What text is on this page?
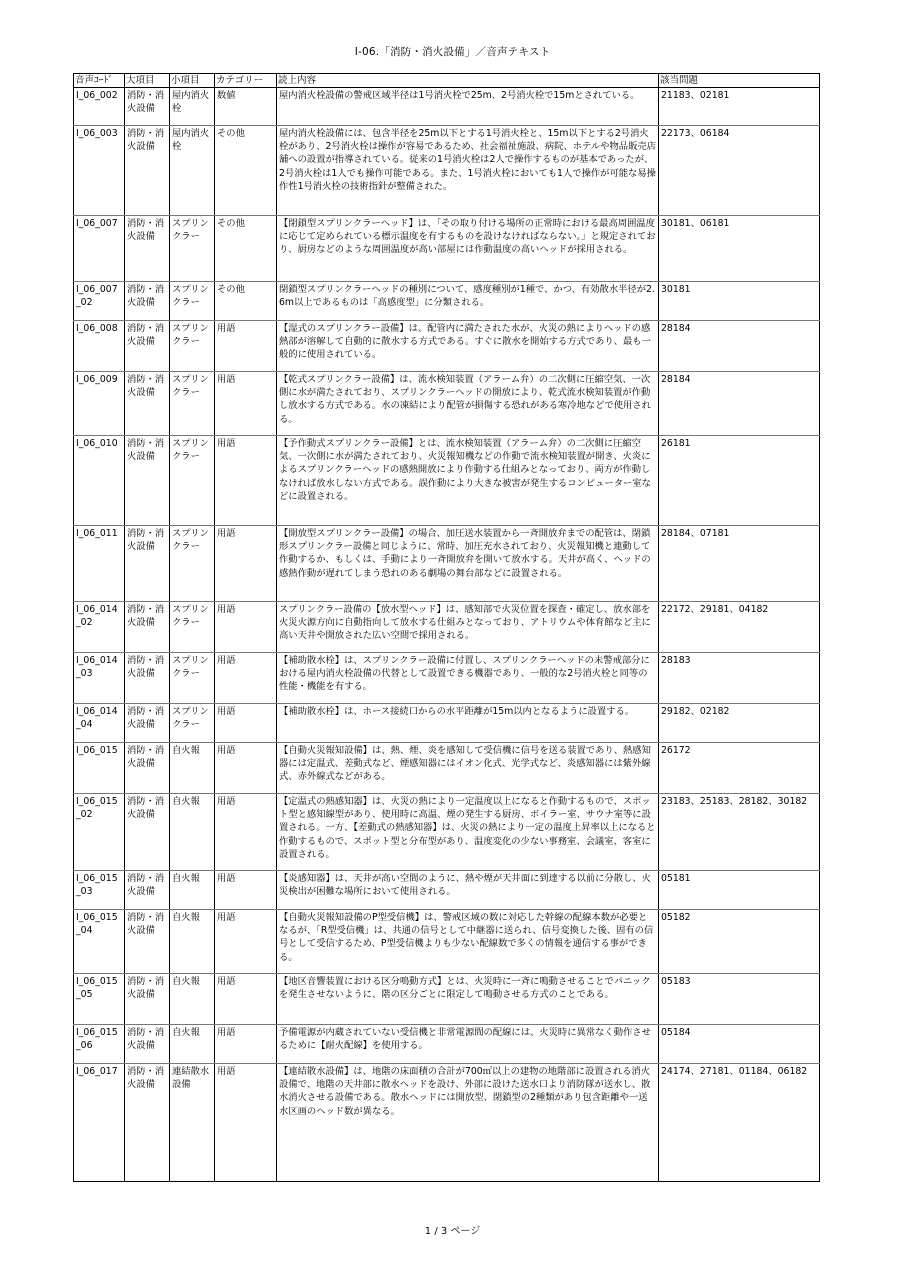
I-06.「消防・消火設備」／音声テキスト
音声ｺｰﾄﾞ	大項目	小項目	カテゴリー	読上内容	該当問題
I_06_002	消防・消火設備	屋内消火栓	数値	屋内消火栓設備の警戒区域半径は1号消火栓で25m、2号消火栓で15mとされている。	21183、02181
I_06_003	消防・消火設備	屋内消火栓	その他	屋内消火栓設備には、包含半径を25m以下とする1号消火栓と、15m以下とする2号消火栓があり、2号消火栓は操作が容易であるため、社会福祉施設、病院、ホテルや物品販売店舗への設置が指導されている。従来の1号消火栓は2人で操作するものが基本であったが、2号消火栓は1人でも操作可能である。また、1号消火栓においても1人で操作が可能な易操作性1号消火栓の技術指針が整備された。	22173、06184
I_06_007	消防・消火設備	スプリンクラー	その他	【閉鎖型スプリンクラーヘッド】は、「その取り付ける場所の正常時における最高周囲温度に応じて定められている標示温度を有するものを設けなければならない。」と規定されており、厨房などのような周囲温度が高い部屋には作動温度の高いヘッドが採用される。	30181、06181
I_06_007_02	消防・消火設備	スプリンクラー	その他	閉鎖型スプリンクラーヘッドの種別について、感度種別が1種で、かつ、有効散水半径が2.6m以上であるものは「高感度型」に分類される。	30181
I_06_008	消防・消火設備	スプリンクラー	用語	【湿式のスプリンクラー設備】は、配管内に満たされた水が、火災の熱によりヘッドの感熱部が溶解して自動的に散水する方式である。すぐに散水を開始する方式であり、最も一般的に使用されている。	28184
I_06_009	消防・消火設備	スプリンクラー	用語	【乾式スプリンクラー設備】は、流水検知装置（アラーム弁）の二次側に圧縮空気、一次側に水が満たされており、スプリンクラーヘッドの開放により、乾式流水検知装置が作動し放水する方式である。水の凍結により配管が損傷する恐れがある寒冷地などで使用される。	28184
I_06_010	消防・消火設備	スプリンクラー	用語	【予作動式スプリンクラー設備】とは、流水検知装置（アラーム弁）の二次側に圧縮空気、一次側に水が満たされており、火災報知機などの作動で流水検知装置が開き、火炎によるスプリンクラーヘッドの感熱開放により作動する仕組みとなっており、両方が作動しなければ放水しない方式である。誤作動により大きな被害が発生するコンピューター室などに設置される。	26181
I_06_011	消防・消火設備	スプリンクラー	用語	【開放型スプリンクラー設備】の場合、加圧送水装置から一斉開放弁までの配管は、閉鎖形スプリンクラー設備と同じように、常時、加圧充水されており、火災報知機と連動して作動するか、もしくは、手動により一斉開放弁を開いて放水する。天井が高く、ヘッドの感熱作動が遅れてしまう恐れのある劇場の舞台部などに設置される。	28184、07181
I_06_014_02	消防・消火設備	スプリンクラー	用語	スプリンクラー設備の【放水型ヘッド】は、感知部で火災位置を探査・確定し、放水部を火災火源方向に自動指向して放水する仕組みとなっており、アトリウムや体育館など主に高い天井や開放された広い空間で採用される。	22172、29181、04182
I_06_014_03	消防・消火設備	スプリンクラー	用語	【補助散水栓】は、スプリンクラー設備に付置し、スプリンクラーヘッドの未警戒部分における屋内消火栓設備の代替として設置できる機器であり、一般的な2号消火栓と同等の性能・機能を有する。	28183
I_06_014_04	消防・消火設備	スプリンクラー	用語	【補助散水栓】は、ホース接続口からの水平距離が15m以内となるように設置する。	29182、02182
I_06_015	消防・消火設備	自火報	用語	【自動火災報知設備】は、熱、煙、炎を感知して受信機に信号を送る装置であり、熱感知器には定温式、差動式など、煙感知器にはイオン化式、光学式など、炎感知器には紫外線式、赤外線式などがある。	26172
I_06_015_02	消防・消火設備	自火報	用語	【定温式の熱感知器】は、火災の熱により一定温度以上になると作動するもので、スポット型と感知線型があり、使用時に高温、煙の発生する厨房、ボイラー室、サウナ室等に設置される。一方、【差動式の熱感知器】は、火災の熱により一定の温度上昇率以上になると作動するもので、スポット型と分布型があり、温度変化の少ない事務室、会議室、客室に設置される。	23183、25183、28182、30182
I_06_015_03	消防・消火設備	自火報	用語	【炎感知器】は、天井が高い空間のように、熱や煙が天井面に到達する以前に分散し、火災検出が困難な場所において使用される。	05181
I_06_015_04	消防・消火設備	自火報	用語	【自動火災報知設備のP型受信機】は、警戒区域の数に対応した幹線の配線本数が必要となるが、「R型受信機」は、共通の信号として中継器に送られ、信号変換した後、固有の信号として受信するため、P型受信機よりも少ない配線数で多くの情報を通信する事ができる。	05182
I_06_015_05	消防・消火設備	自火報	用語	【地区音響装置における区分鳴動方式】とは、火災時に一斉に鳴動させることでパニックを発生させないように、階の区分ごとに限定して鳴動させる方式のことである。	05183
I_06_015_06	消防・消火設備	自火報	用語	予備電源が内蔵されていない受信機と非常電源間の配線には、火災時に異常なく動作させるために【耐火配線】を使用する。	05184
I_06_017	消防・消火設備	連結散水設備	用語	【連結散水設備】は、地階の床面積の合計が700㎡以上の建物の地階部に設置される消火設備で、地階の天井部に散水ヘッドを設け、外部に設けた送水口より消防隊が送水し、散水消火させる設備である。散水ヘッドには開放型、閉鎖型の2種類があり包含距離や一送水区画のヘッド数が異なる。	24174、27181、01184、06182
1 / 3 ページ
